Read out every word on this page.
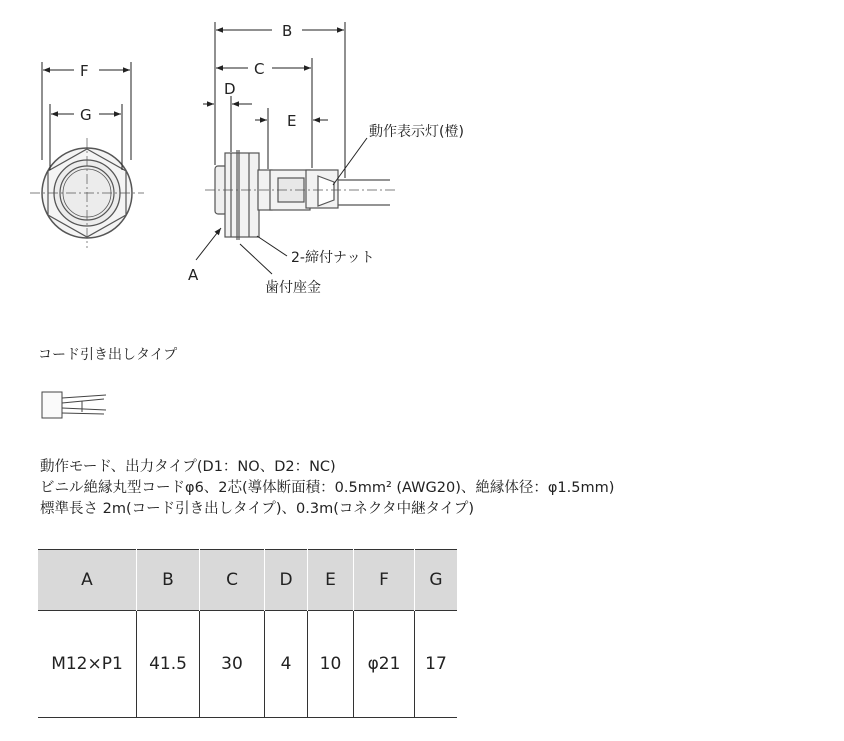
F
G
B
C
D
E
A
動作表示灯(橙)
2-締付ナット
歯付座金
コード引き出しタイプ
動作モード、出力タイプ(D1：NO、D2：NC)
ビニル絶縁丸型コードφ6、2芯(導体断面積：0.5mm² (AWG20)、絶縁体径：φ1.5mm)
標準長さ 2m(コード引き出しタイプ)、0.3m(コネクタ中継タイプ)
A	B	C	D	E	F	G
M12×P1	41.5	30	4	10	φ21	17
